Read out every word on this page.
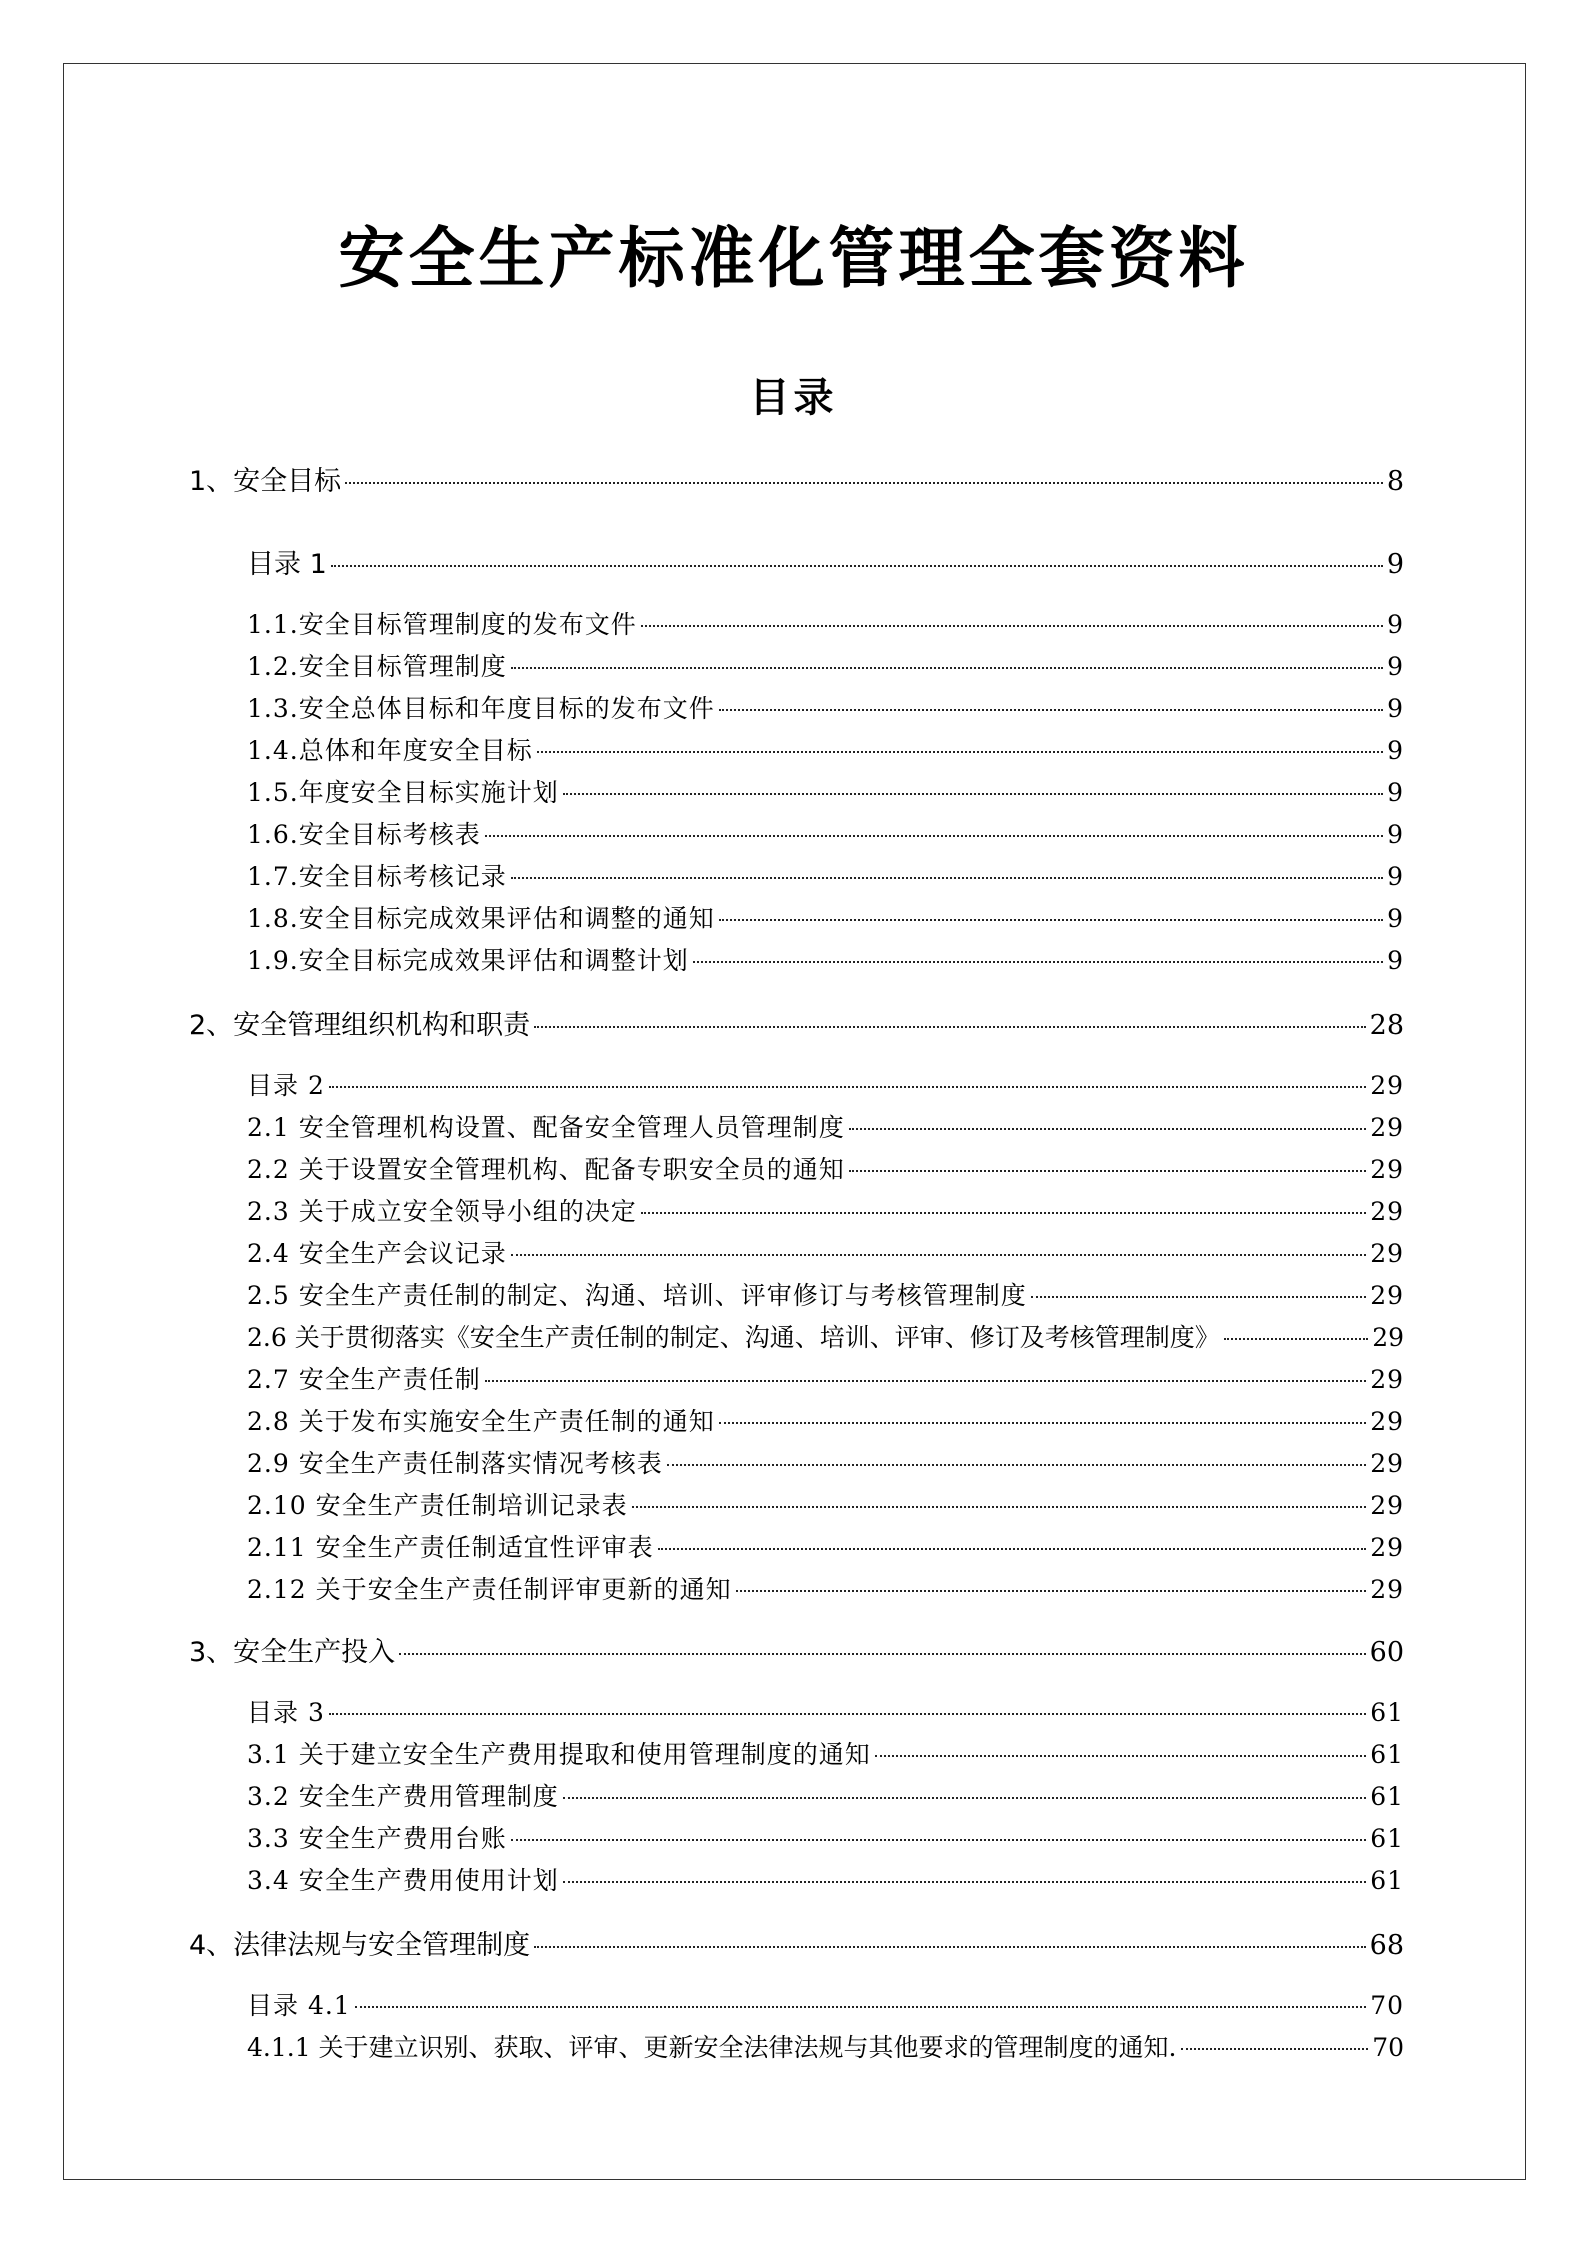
安全生产标准化管理全套资料
目录
1、安全目标	8
目录 1	9
1.1.安全目标管理制度的发布文件	9
1.2.安全目标管理制度	9
1.3.安全总体目标和年度目标的发布文件	9
1.4.总体和年度安全目标	9
1.5.年度安全目标实施计划	9
1.6.安全目标考核表	9
1.7.安全目标考核记录	9
1.8.安全目标完成效果评估和调整的通知	9
1.9.安全目标完成效果评估和调整计划	9
2、安全管理组织机构和职责	28
目录 2	29
2.1 安全管理机构设置、配备安全管理人员管理制度	29
2.2 关于设置安全管理机构、配备专职安全员的通知	29
2.3 关于成立安全领导小组的决定	29
2.4 安全生产会议记录	29
2.5 安全生产责任制的制定、沟通、培训、评审修订与考核管理制度	29
2.6 关于贯彻落实《安全生产责任制的制定、沟通、培训、评审、修订及考核管理制度》	29
2.7 安全生产责任制	29
2.8 关于发布实施安全生产责任制的通知	29
2.9 安全生产责任制落实情况考核表	29
2.10 安全生产责任制培训记录表	29
2.11 安全生产责任制适宜性评审表	29
2.12 关于安全生产责任制评审更新的通知	29
3、安全生产投入	60
目录 3	61
3.1 关于建立安全生产费用提取和使用管理制度的通知	61
3.2 安全生产费用管理制度	61
3.3 安全生产费用台账	61
3.4 安全生产费用使用计划	61
4、法律法规与安全管理制度	68
目录 4.1	70
4.1.1 关于建立识别、获取、评审、更新安全法律法规与其他要求的管理制度的通知.	70
